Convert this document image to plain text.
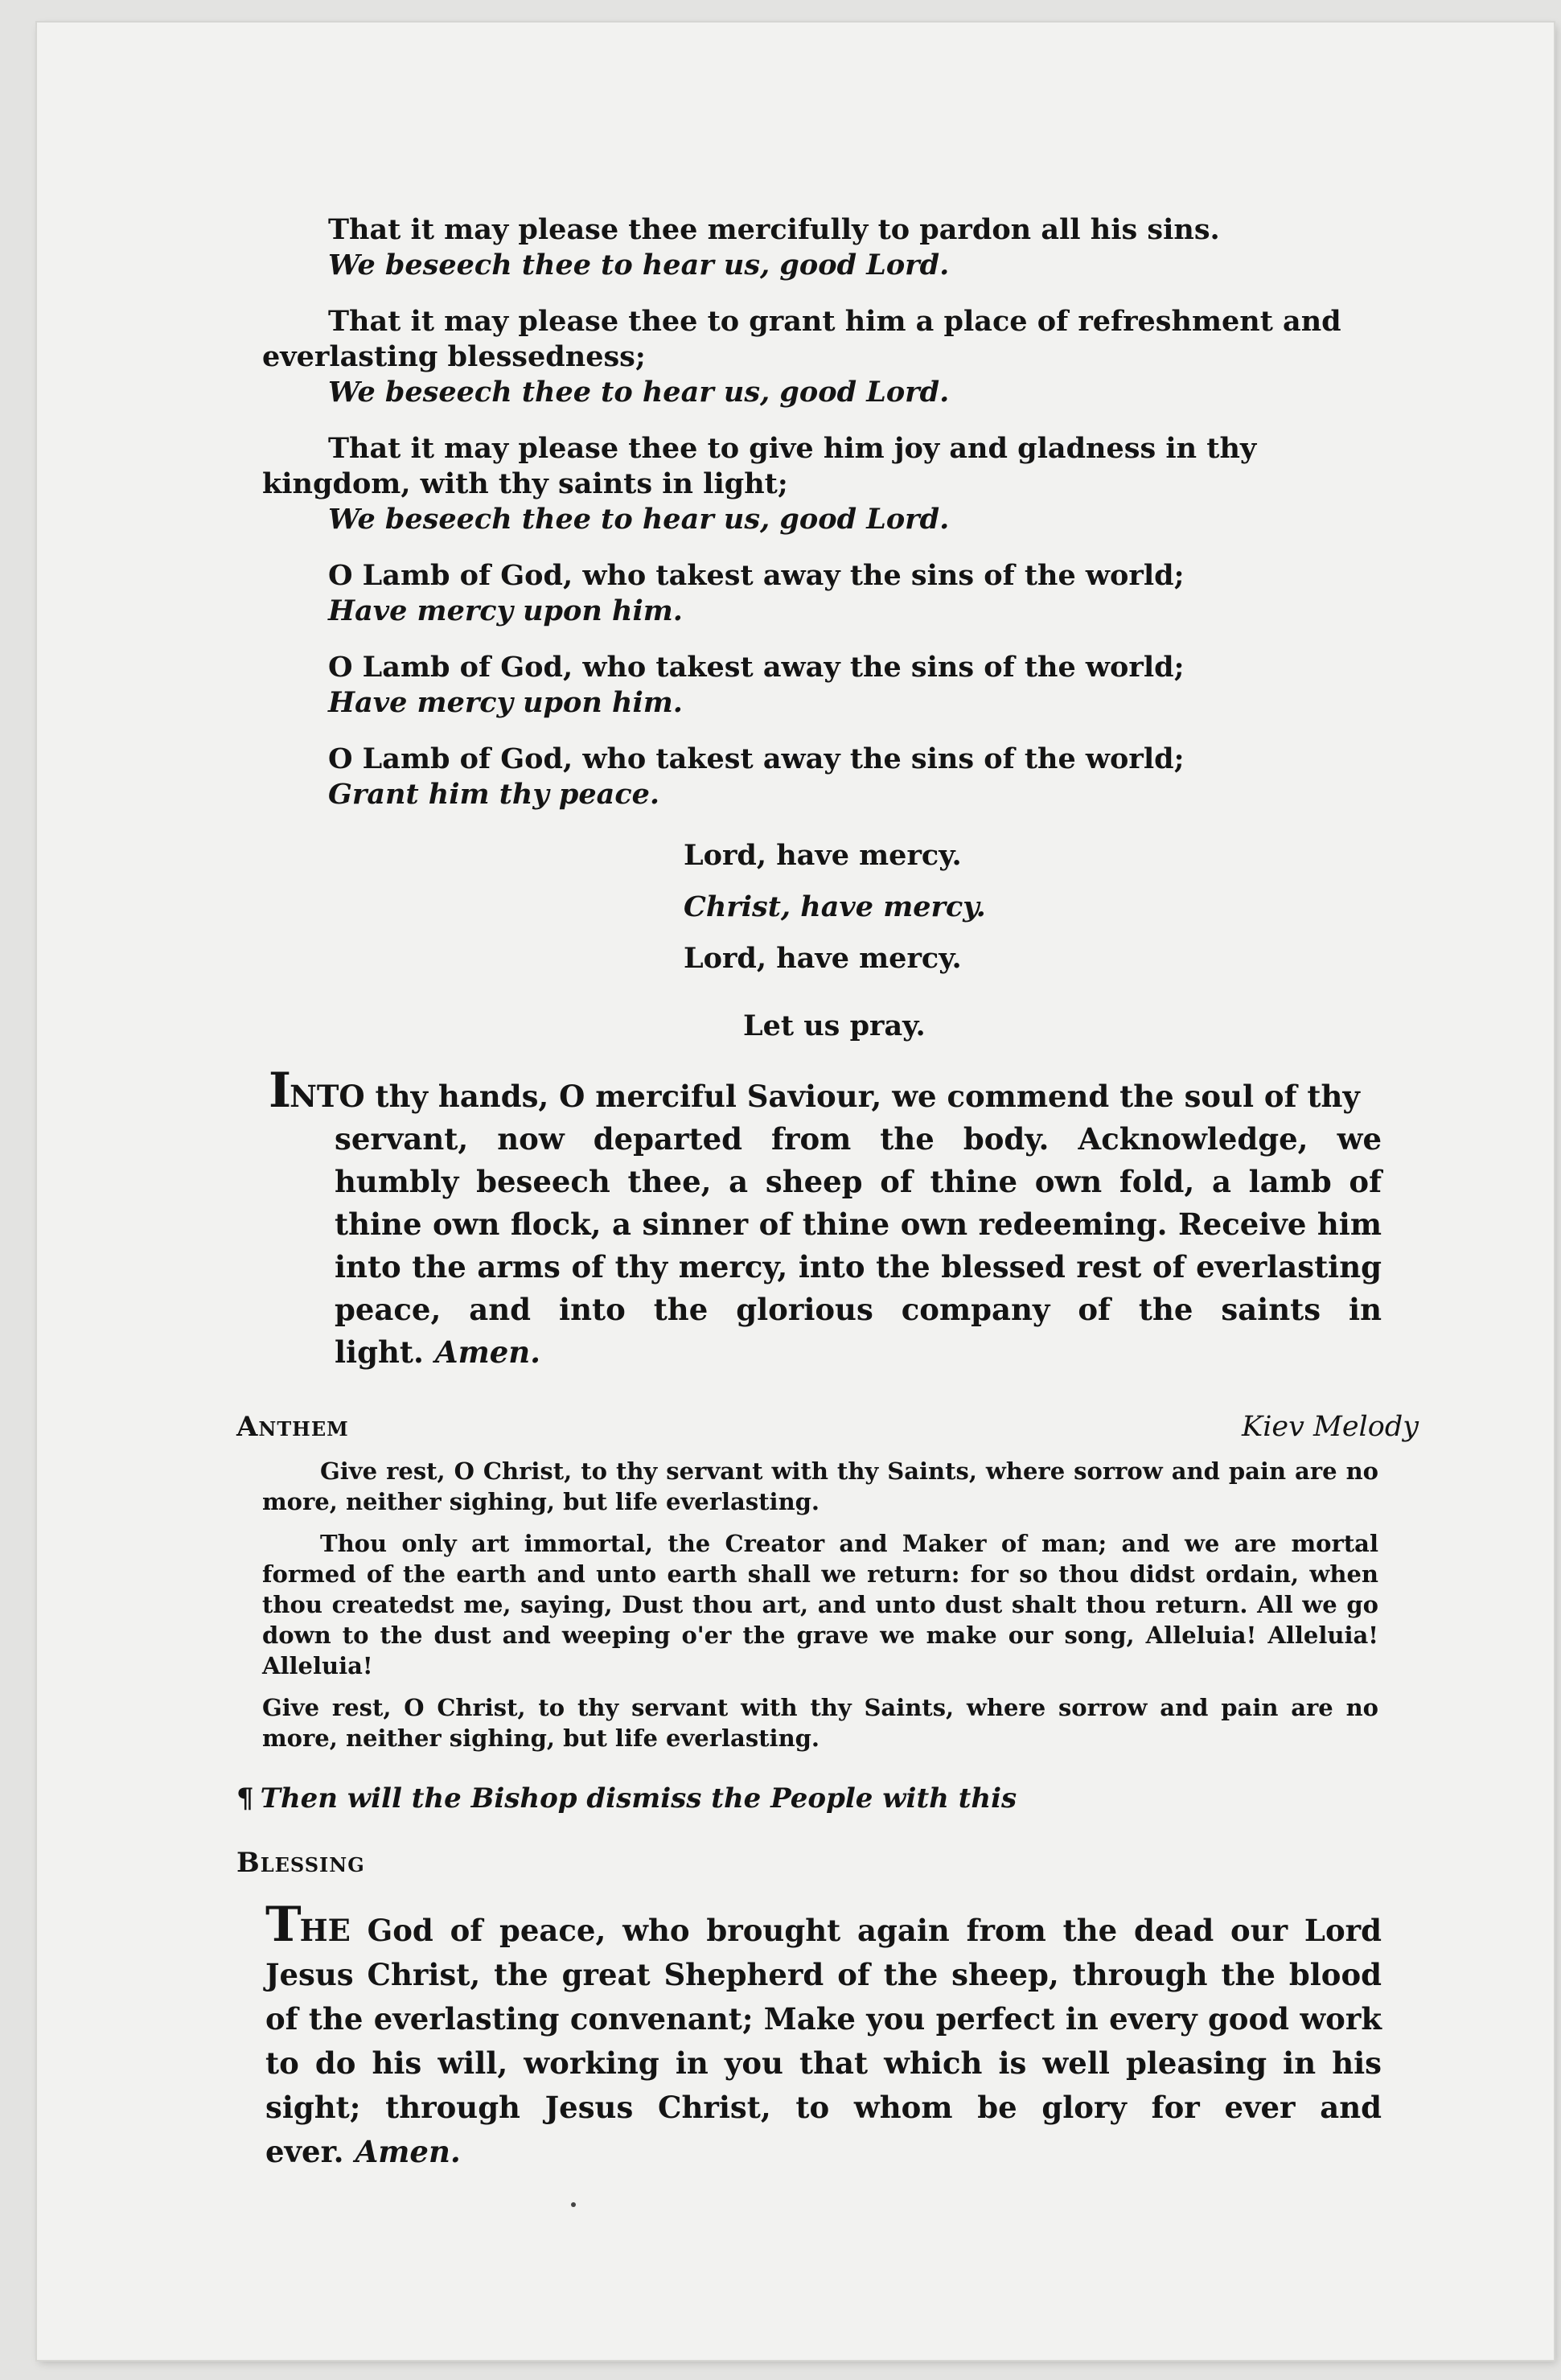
That it may please thee mercifully to pardon all his sins.

We beseech thee to hear us, good Lord.

That it may please thee to grant him a place of refreshment and everlasting blessedness;

We beseech thee to hear us, good Lord.

That it may please thee to give him joy and gladness in thy kingdom, with thy saints in light;

We beseech thee to hear us, good Lord.

O Lamb of God, who takest away the sins of the world;

Have mercy upon him.

O Lamb of God, who takest away the sins of the world;

Have mercy upon him.

O Lamb of God, who takest away the sins of the world;

Grant him thy peace.

Lord, have mercy.

Christ, have mercy.

Lord, have mercy.

Let us pray.

INTO thy hands, O merciful Saviour, we commend the soul of thy
servant, now departed from the body. Acknowledge, we humbly beseech thee, a sheep of thine own fold, a lamb of thine own flock, a sinner of thine own redeeming. Receive him into the arms of thy mercy, into the blessed rest of everlasting peace, and into the glorious company of the saints in light. Amen.

Anthem	Kiev Melody

Give rest, O Christ, to thy servant with thy Saints, where sorrow and pain are no more, neither sighing, but life everlasting.

Thou only art immortal, the Creator and Maker of man; and we are mortal formed of the earth and unto earth shall we return: for so thou didst ordain, when thou createdst me, saying, Dust thou art, and unto dust shalt thou return. All we go down to the dust and weeping o'er the grave we make our song, Alleluia! Alleluia! Alleluia!

Give rest, O Christ, to thy servant with thy Saints, where sorrow and pain are no more, neither sighing, but life everlasting.

¶ Then will the Bishop dismiss the People with this

Blessing

THE God of peace, who brought again from the dead our Lord Jesus Christ, the great Shepherd of the sheep, through the blood of the everlasting convenant; Make you perfect in every good work to do his will, working in you that which is well pleasing in his sight; through Jesus Christ, to whom be glory for ever and ever. Amen.
